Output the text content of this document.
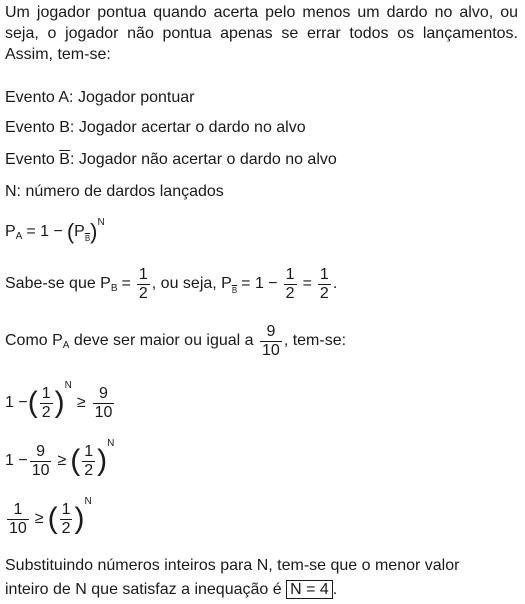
Um jogador pontua quando acerta pelo menos um dardo no alvo, ou seja, o jogador não pontua apenas se errar todos os lançamentos. Assim, tem-se:
Evento A: Jogador pontuar
Evento B: Jogador acertar o dardo no alvo
Evento $\overline{B}$: Jogador não acertar o dardo no alvo
N: número de dardos lançados
P A = 1 − ( P $\overline{B}$ ) N
Sabe-se que P $B = \frac{1}{2}$ , ou seja, P $\overline{B} = 1 - \frac{1}{2} = \frac{1}{2}$ .
Como P A deve ser maior ou igual a $\frac{9}{10}$ , tem-se:
1 − ( $\frac{1}{2}$ )
N
≥ $\frac{9}{10}$
$1 - \frac{9}{10}$ ≥ ( $\frac{1}{2}$ )
N
$\frac{1}{10}$ ≥ ( $\frac{1}{2}$ )
N
Substituindo números inteiros para N, tem-se que o menor valor
inteiro de N que satisfaz a inequação é N = 4 .
